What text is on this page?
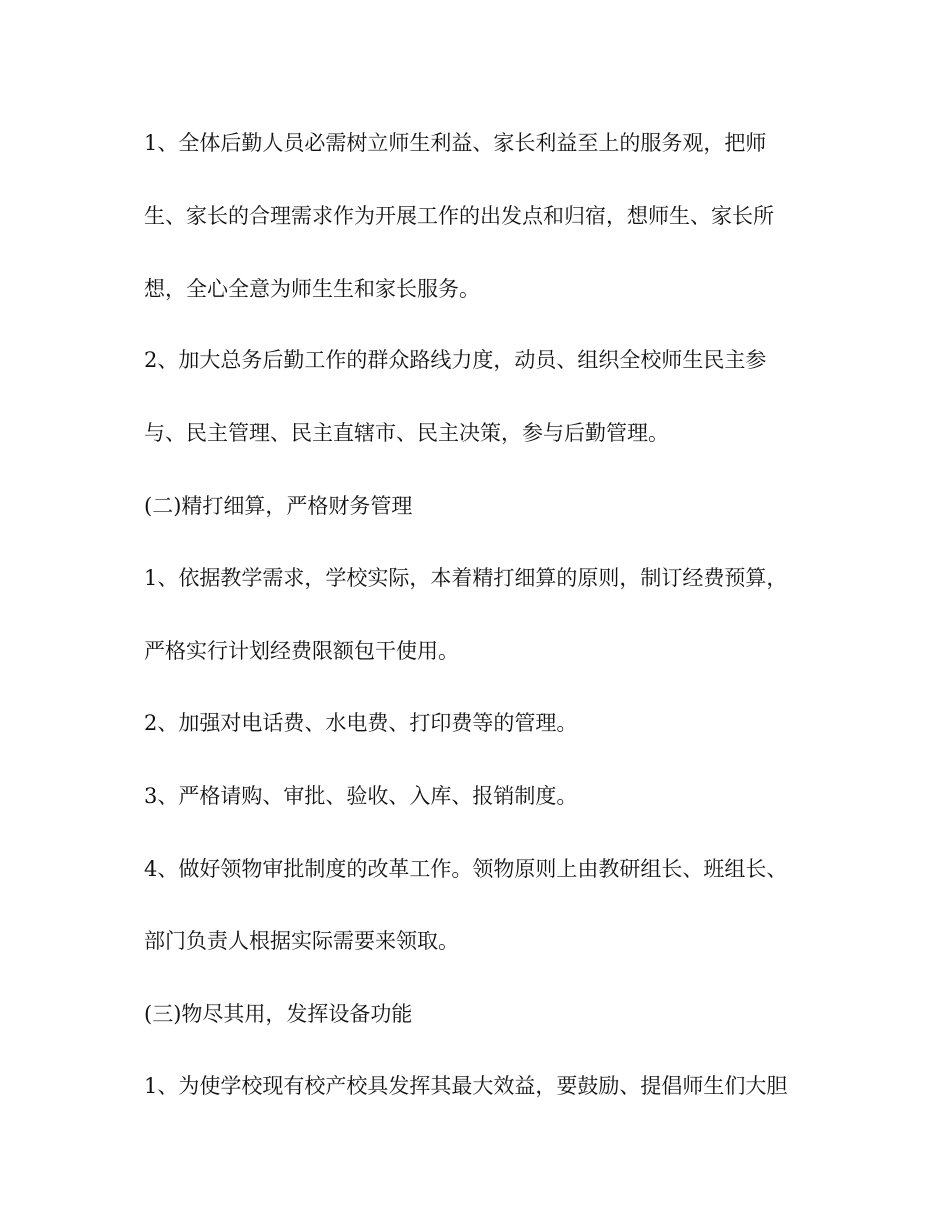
1、全体后勤人员必需树立师生利益、家长利益至上的服务观，把师

生、家长的合理需求作为开展工作的出发点和归宿，想师生、家长所

想，全心全意为师生生和家长服务。

2、加大总务后勤工作的群众路线力度，动员、组织全校师生民主参

与、民主管理、民主直辖市、民主决策，参与后勤管理。

(二)精打细算，严格财务管理

1、依据教学需求，学校实际，本着精打细算的原则，制订经费预算，

严格实行计划经费限额包干使用。

2、加强对电话费、水电费、打印费等的管理。

3、严格请购、审批、验收、入库、报销制度。

4、做好领物审批制度的改革工作。领物原则上由教研组长、班组长、

部门负责人根据实际需要来领取。

(三)物尽其用，发挥设备功能

1、为使学校现有校产校具发挥其最大效益，要鼓励、提倡师生们大胆
